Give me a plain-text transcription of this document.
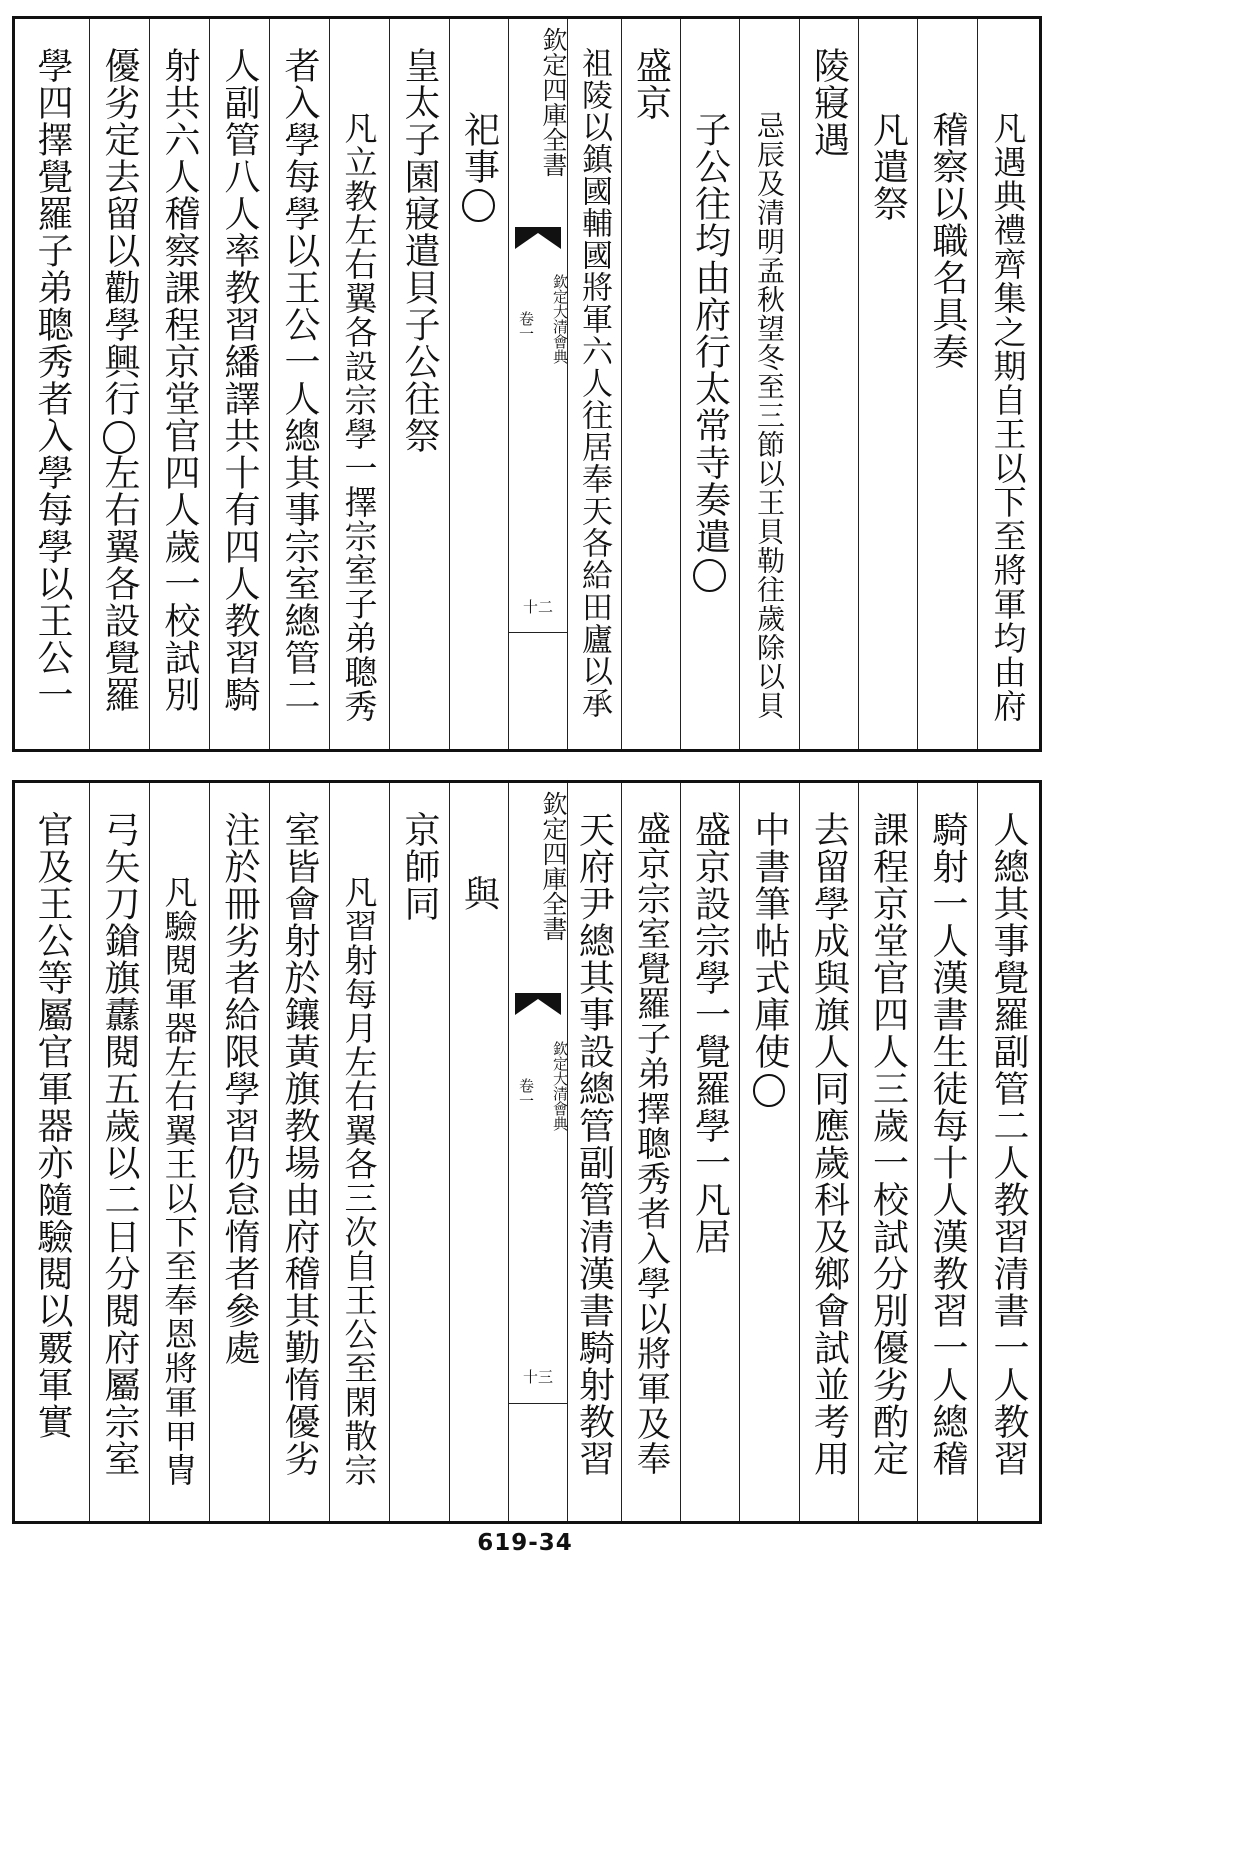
凡遇典禮齊集之期自王以下至將軍均由府
稽察以職名具奏
凡遣祭
陵寢遇
忌辰及清明孟秋望冬至三節以王貝勒往歲除以貝
子公往均由府行太常寺奏遣
盛京
祖陵以鎮國輔國將軍六人往居奉天各給田廬以承
祀事
皇太子園寢遣貝子公往祭
凡立教左右翼各設宗學一擇宗室子弟聰秀
者入學每學以王公一人總其事宗室總管二
人副管八人率教習繙譯共十有四人教習騎
射共六人稽察課程京堂官四人歲一校試別
優劣定去留以勸學興行
左右翼各設覺羅
學四擇覺羅子弟聰秀者入學每學以王公一	欽定四庫全書
欽定大清會典
卷一
十二
人總其事覺羅副管二人教習清書一人教習
騎射一人漢書生徒每十人漢教習一人總稽
課程京堂官四人三歲一校試分別優劣酌定
去留學成與旗人同應歲科及鄉會試並考用
中書筆帖式庫使
盛京設宗學一覺羅學一凡居
盛京宗室覺羅子弟擇聰秀者入學以將軍及奉
天府尹總其事設總管副管清漢書騎射教習
與
京師同
凡習射每月左右翼各三次自王公至閑散宗
室皆會射於鑲黃旗教場由府稽其勤惰優劣
注於冊劣者給限學習仍怠惰者參處
凡驗閱軍器左右翼王以下至奉恩將軍甲冑
弓矢刀鎗旗纛閱五歲以二日分閱府屬宗室
官及王公等屬官軍器亦隨驗閱以覈軍實	欽定四庫全書
欽定大清會典
卷一
十三
619-34
